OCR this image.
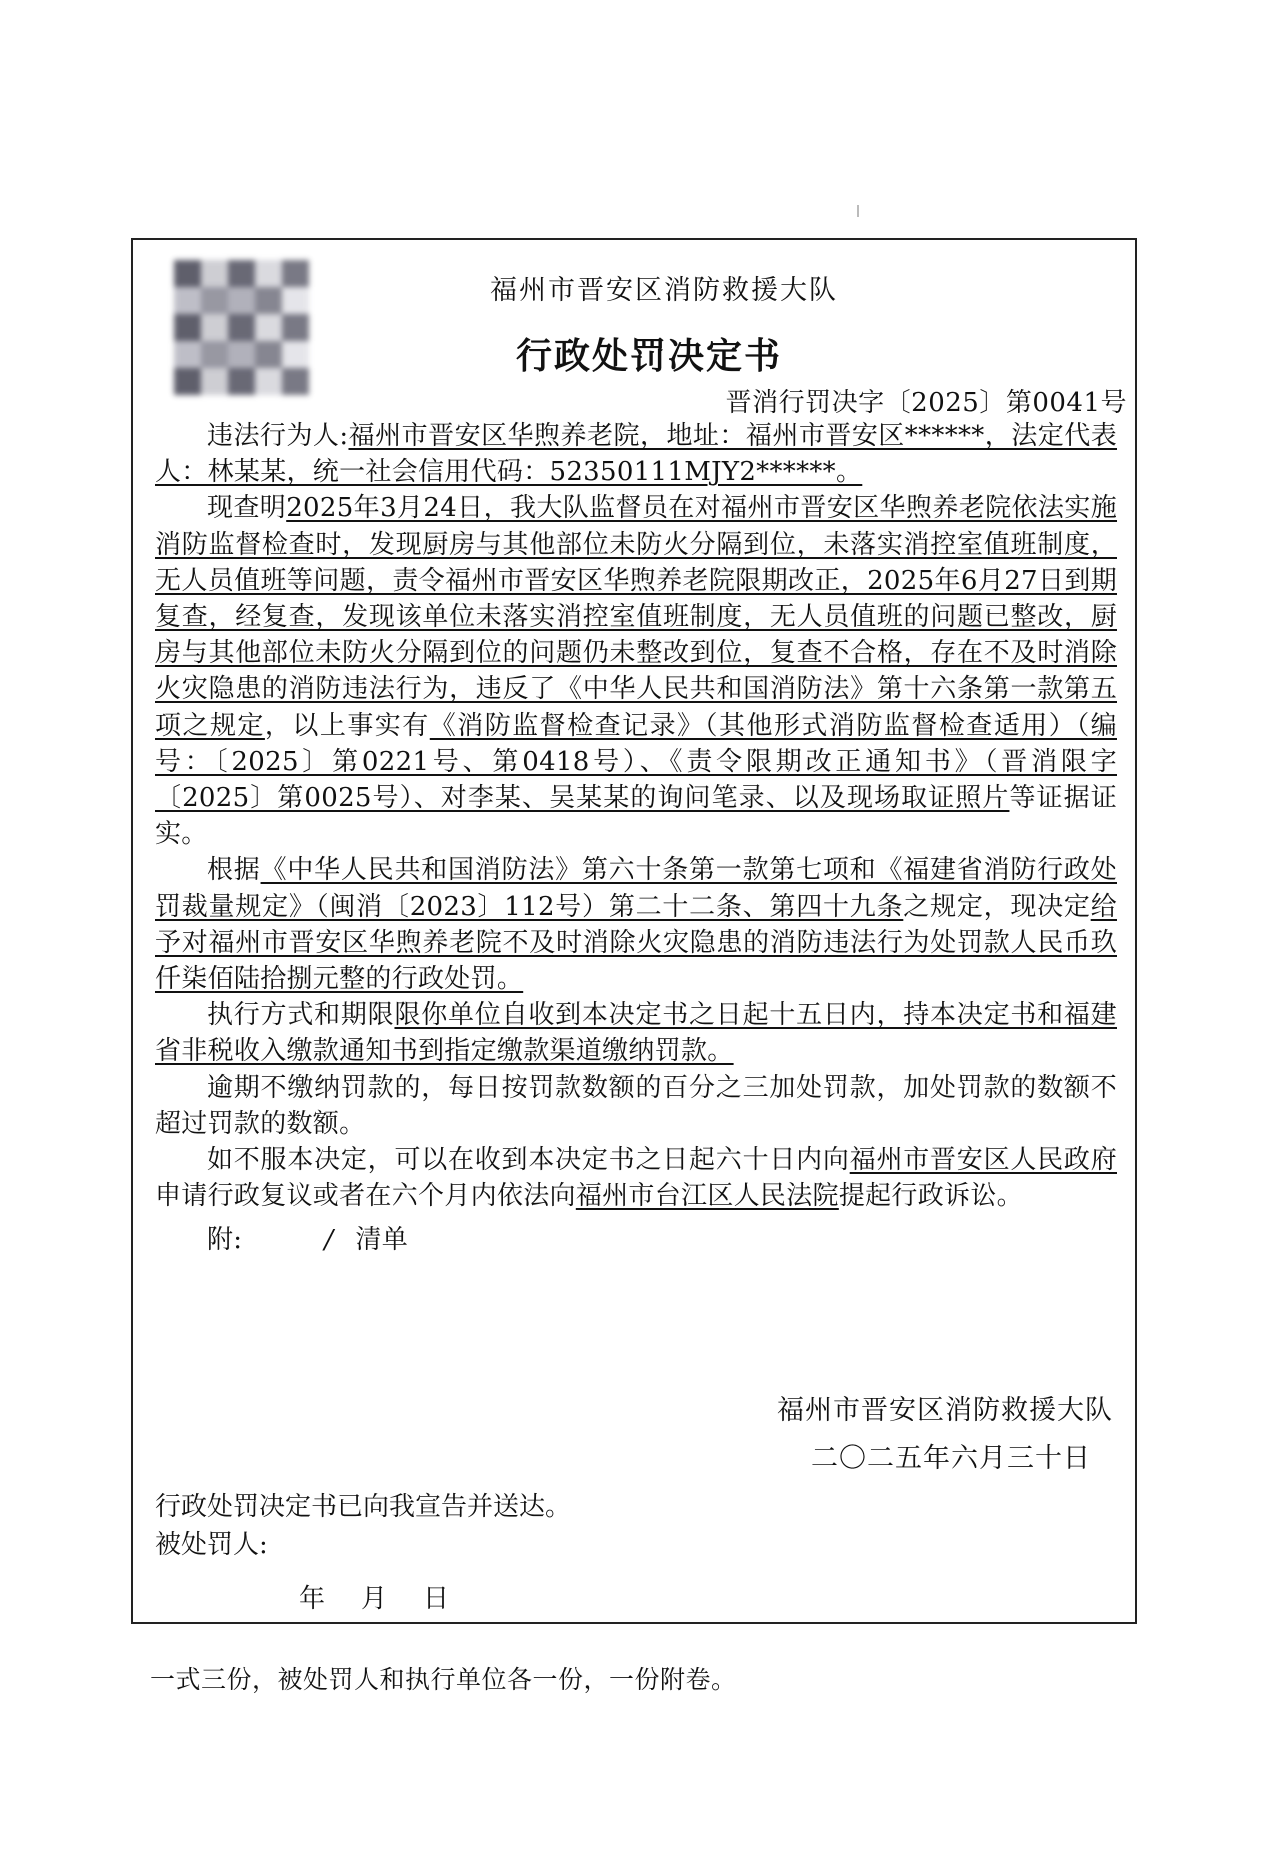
福州市晋安区消防救援大队
行政处罚决定书
晋消行罚决字〔2025〕第0041号

违法行为人:福州市晋安区华煦养老院，地址：福州市晋安区******，法定代表人：林某某，统一社会信用代码：52350111MJY2******。

现查明2025年3月24日，我大队监督员在对福州市晋安区华煦养老院依法实施消防监督检查时，发现厨房与其他部位未防火分隔到位，未落实消控室值班制度，无人员值班等问题，责令福州市晋安区华煦养老院限期改正，2025年6月27日到期复查，经复查，发现该单位未落实消控室值班制度，无人员值班的问题已整改，厨房与其他部位未防火分隔到位的问题仍未整改到位，复查不合格，存在不及时消除火灾隐患的消防违法行为，违反了《中华人民共和国消防法》第十六条第一款第五项之规定，以上事实有《消防监督检查记录》（其他形式消防监督检查适用）（编号：〔2025〕第0221号、第0418号）、《责令限期改正通知书》（晋消限字〔2025〕第0025号）、对李某、吴某某的询问笔录、以及现场取证照片等证据证实。

根据《中华人民共和国消防法》第六十条第一款第七项和《福建省消防行政处罚裁量规定》（闽消〔2023〕112号）第二十二条、第四十九条之规定，现决定给予对福州市晋安区华煦养老院不及时消除火灾隐患的消防违法行为处罚款人民币玖仟柒佰陆拾捌元整的行政处罚。

执行方式和期限限你单位自收到本决定书之日起十五日内，持本决定书和福建省非税收入缴款通知书到指定缴款渠道缴纳罚款。

逾期不缴纳罚款的，每日按罚款数额的百分之三加处罚款，加处罚款的数额不超过罚款的数额。

如不服本决定，可以在收到本决定书之日起六十日内向福州市晋安区人民政府申请行政复议或者在六个月内依法向福州市台江区人民法院提起行政诉讼。

附:	/ 清单

福州市晋安区消防救援大队
二〇二五年六月三十日
行政处罚决定书已向我宣告并送达。
被处罚人:
年 月 日
一式三份，被处罚人和执行单位各一份，一份附卷。
